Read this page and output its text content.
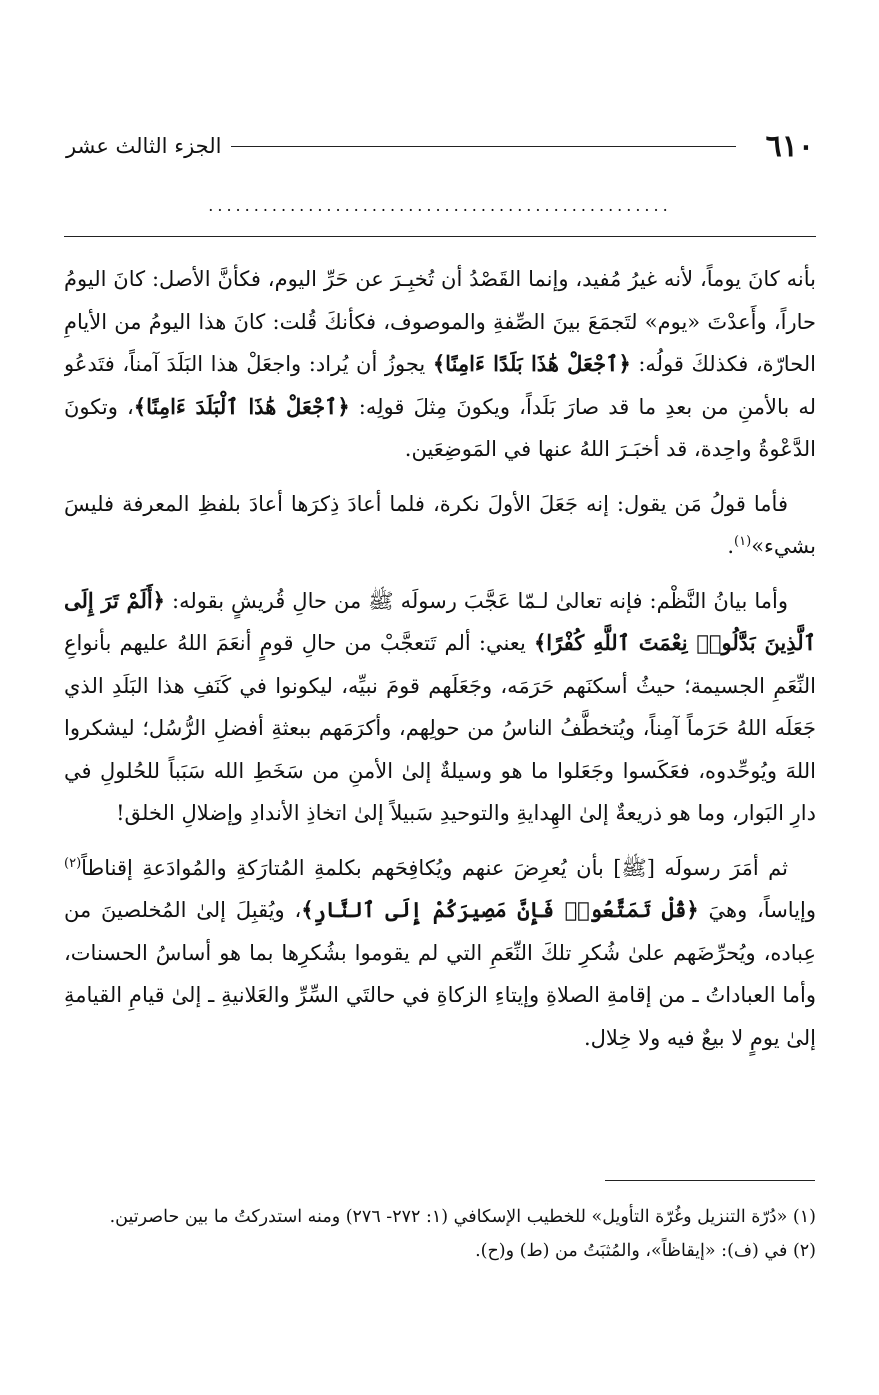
٦١٠
الجزء الثالث عشر
...................................................

بأنه كانَ يوماً، لأنه غيرُ مُفيد، وإنما القَصْدُ أن تُخبِـرَ عن حَرِّ اليوم، فكأنَّ الأصل: كانَ اليومُ حاراً، وأَعدْتَ «يوم» لتَجمَعَ بينَ الصِّفةِ والموصوف، فكأنكَ قُلت: كانَ هذا اليومُ من الأيامِ الحارّة، فكذلكَ قولُه: ﴿ٱجْعَلْ هَٰذَا بَلَدًا ءَامِنًا﴾ يجوزُ أن يُراد: واجعَلْ هذا البَلَدَ آمناً، فتَدعُو له بالأمنِ من بعدِ ما قد صارَ بَلَداً، ويكونَ مِثلَ قولِه: ﴿ٱجْعَلْ هَٰذَا ٱلْبَلَدَ ءَامِنًا﴾، وتكونَ الدَّعْوةُ واحِدة، قد أخبَـرَ اللهُ عنها في المَوضِعَين.

فأما قولُ مَن يقول: إنه جَعَلَ الأولَ نكرة، فلما أعادَ ذِكرَها أعادَ بلفظِ المعرفة فليسَ بشيء»$^{(١)}$.

وأما بيانُ النَّظْم: فإنه تعالىٰ لـمّا عَجَّبَ رسولَه ﷺ من حالِ قُريشٍ بقوله: ﴿أَلَمْ تَرَ إِلَى ٱلَّذِينَ بَدَّلُوا۟ نِعْمَتَ ٱللَّهِ كُفْرًا﴾ يعني: ألم تَتعجَّبْ من حالِ قومٍ أنعَمَ اللهُ عليهم بأنواعِ النِّعَمِ الجسيمة؛ حيثُ أسكنَهم حَرَمَه، وجَعَلَهم قومَ نبيِّه، ليكونوا في كَنَفِ هذا البَلَدِ الذي جَعَلَه اللهُ حَرَماً آمِناً، ويُتخطَّفُ الناسُ من حولِهم، وأكرَمَهم ببعثةِ أفضلِ الرُّسُل؛ ليشكروا اللهَ ويُوحِّدوه، فعَكَسوا وجَعَلوا ما هو وسيلةٌ إلىٰ الأمنِ من سَخَطِ الله سَبَباً للحُلولِ في دارِ البَوار، وما هو ذريعةٌ إلىٰ الهِدايةِ والتوحيدِ سَبيلاً إلىٰ اتخاذِ الأندادِ وإضلالِ الخلق!

ثم أمَرَ رسولَه [ﷺ] بأن يُعرِضَ عنهم ويُكافِحَهم بكلمةِ المُتارَكةِ والمُوادَعةِ إقناطاً$^{(٢)}$ وإياساً، وهيَ ﴿قُلْ تَمَتَّعُوا۟ فَإِنَّ مَصِيرَكُمْ إِلَى ٱلنَّارِ﴾، ويُقبِلَ إلىٰ المُخلصينَ من عِباده، ويُحرِّضَهم علىٰ شُكرِ تلكَ النِّعَمِ التي لم يقوموا بشُكرِها بما هو أساسُ الحسنات، وأما العباداتُ ـ من إقامةِ الصلاةِ وإيتاءِ الزكاةِ في حالتَي السِّرِّ والعَلانيةِ ـ إلىٰ قيامِ القيامةِ إلىٰ يومٍ لا بيعٌ فيه ولا خِلال.

(١) «دُرّة التنزيل وغُرّة التأويل» للخطيب الإسكافي (١: ٢٧٢- ٢٧٦) ومنه استدركتُ ما بين حاصرتين.
(٢) في (ف): «إيقاظاً»، والمُثبَتُ من (ط) و(ح).
